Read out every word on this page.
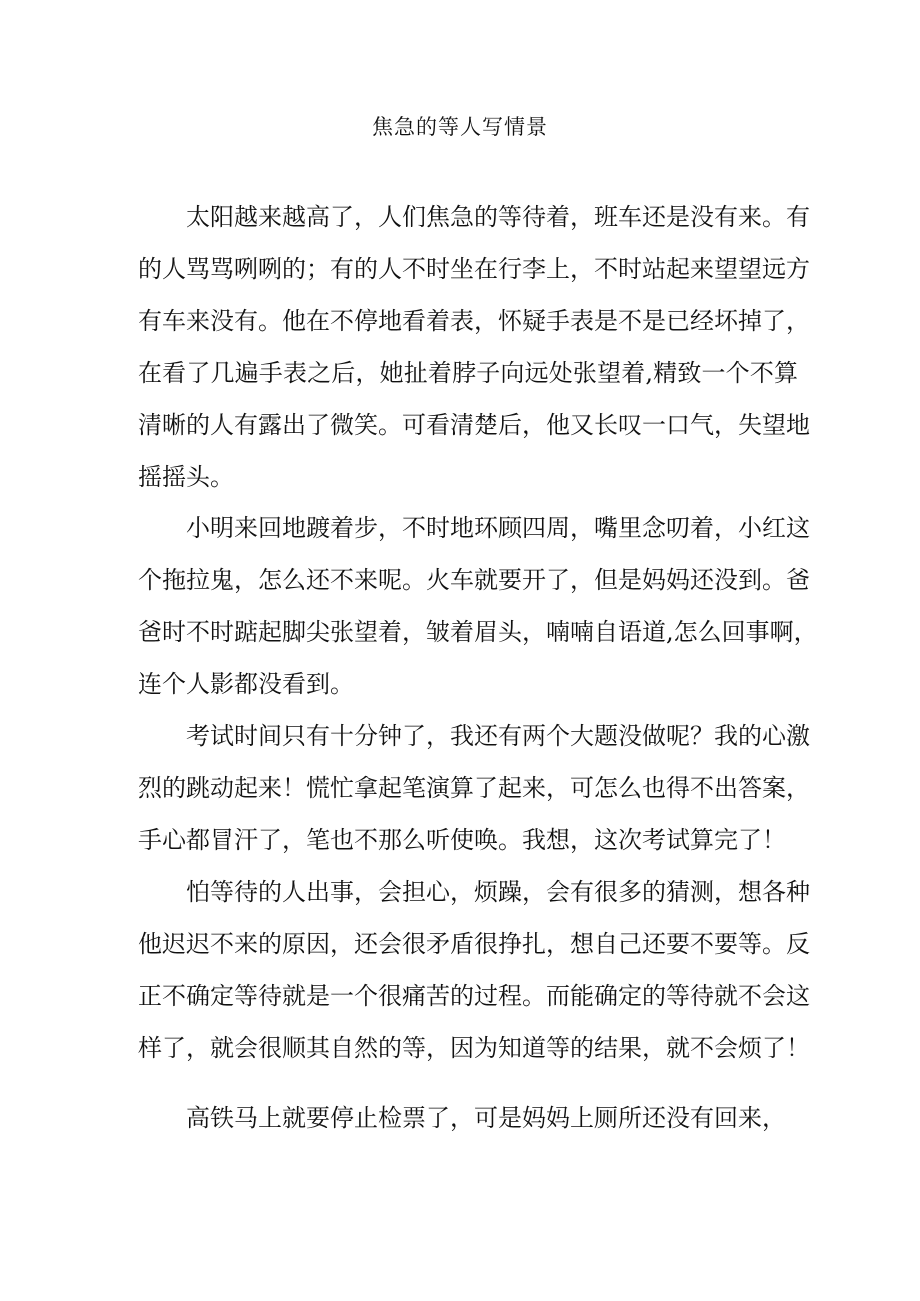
焦急的等人写情景
太阳越来越高了，人们焦急的等待着，班车还是没有来。有
的人骂骂咧咧的；有的人不时坐在行李上，不时站起来望望远方
有车来没有。他在不停地看着表，怀疑手表是不是已经坏掉了，
在看了几遍手表之后，她扯着脖子向远处张望着,精致一个不算
清晰的人有露出了微笑。可看清楚后，他又长叹一口气，失望地
摇摇头。
小明来回地踱着步，不时地环顾四周，嘴里念叨着，小红这
个拖拉鬼，怎么还不来呢。火车就要开了，但是妈妈还没到。爸
爸时不时踮起脚尖张望着，皱着眉头，喃喃自语道,怎么回事啊，
连个人影都没看到。
考试时间只有十分钟了，我还有两个大题没做呢？我的心激
烈的跳动起来！慌忙拿起笔演算了起来，可怎么也得不出答案，
手心都冒汗了，笔也不那么听使唤。我想，这次考试算完了！
怕等待的人出事，会担心，烦躁，会有很多的猜测，想各种
他迟迟不来的原因，还会很矛盾很挣扎，想自己还要不要等。反
正不确定等待就是一个很痛苦的过程。而能确定的等待就不会这
样了，就会很顺其自然的等，因为知道等的结果，就不会烦了！
高铁马上就要停止检票了，可是妈妈上厕所还没有回来，
